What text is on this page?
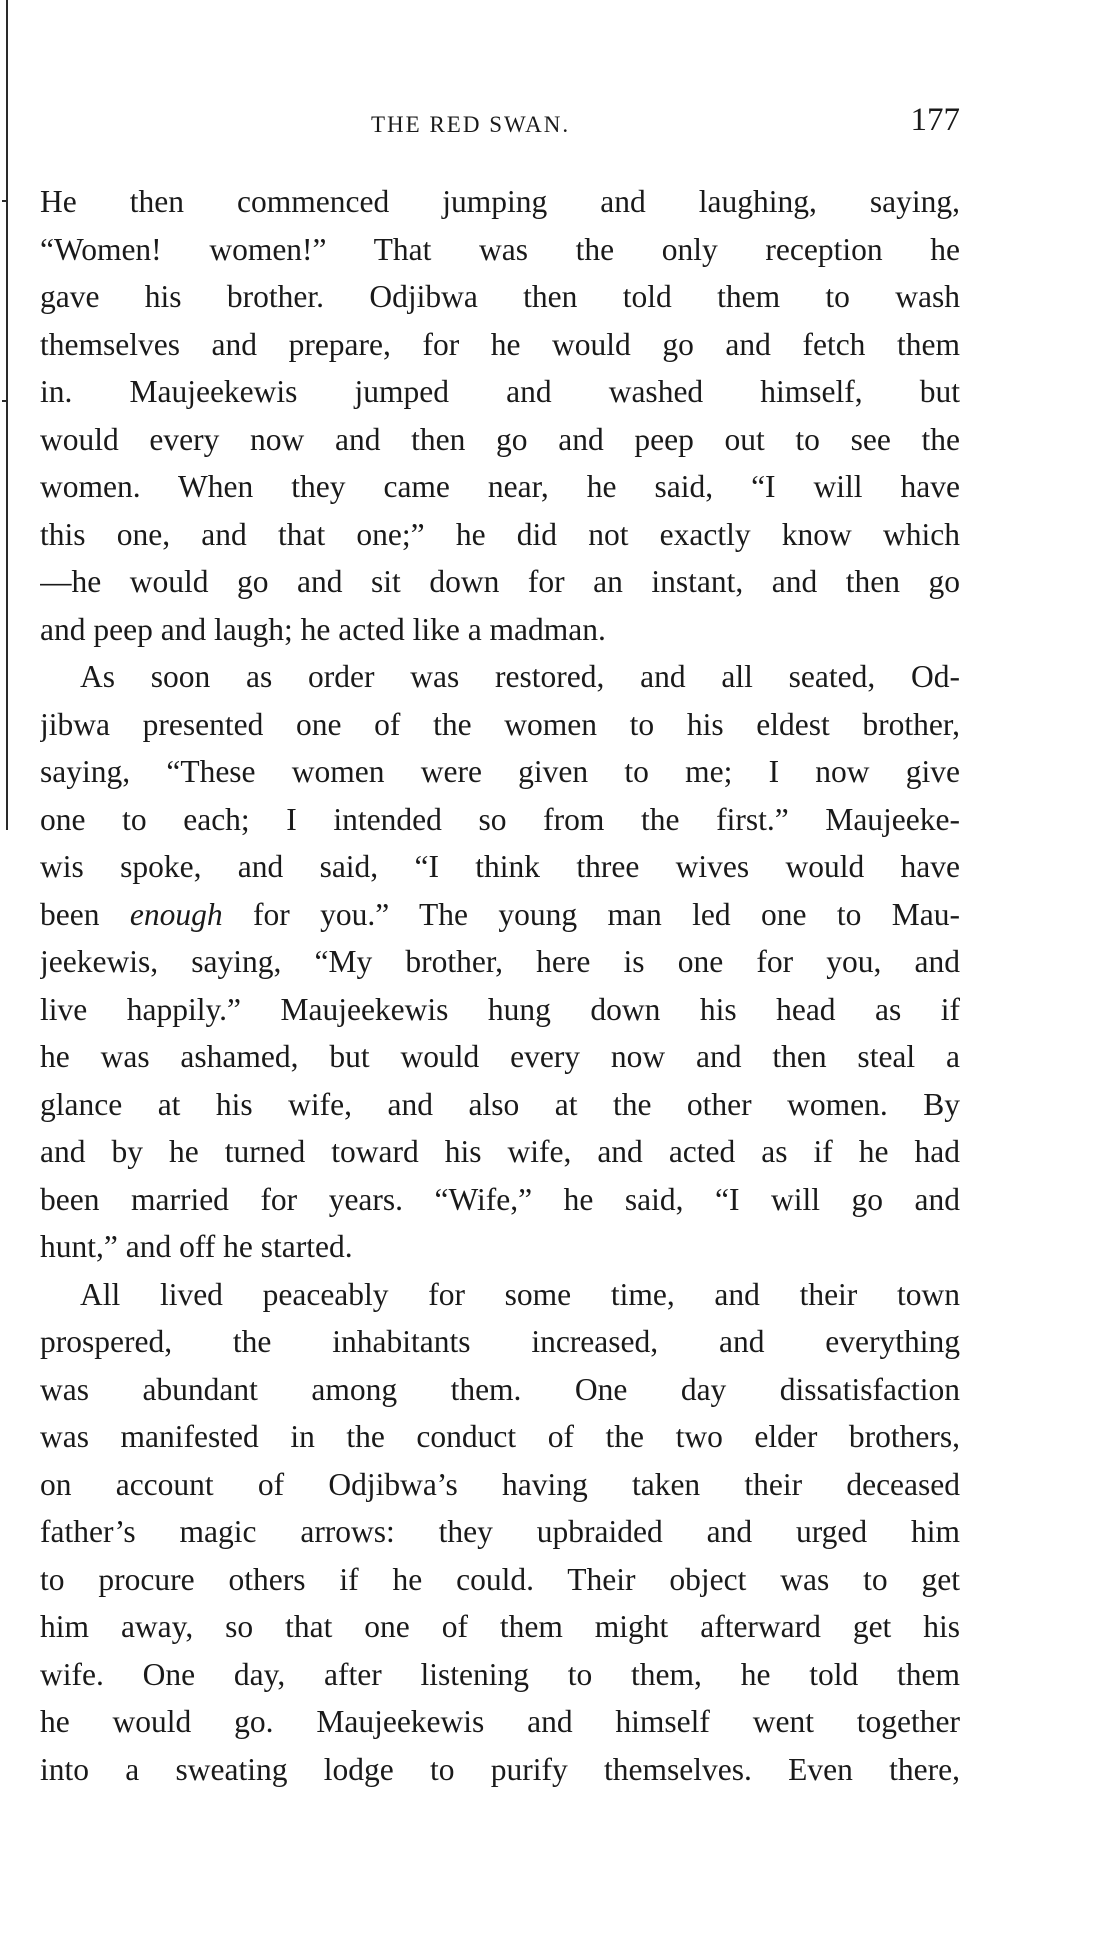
THE RED SWAN.	177
He then commenced jumping and laughing, saying,
“Women! women!” That was the only reception he
gave his brother. Odjibwa then told them to wash
themselves and prepare, for he would go and fetch them
in. Maujeekewis jumped and washed himself, but
would every now and then go and peep out to see the
women. When they came near, he said, “I will have
this one, and that one;” he did not exactly know which
—he would go and sit down for an instant, and then go
and peep and laugh; he acted like a madman.
As soon as order was restored, and all seated, Od-
jibwa presented one of the women to his eldest brother,
saying, “These women were given to me; I now give
one to each; I intended so from the first.” Maujeeke-
wis spoke, and said, “I think three wives would have
been enough for you.” The young man led one to Mau-
jeekewis, saying, “My brother, here is one for you, and
live happily.” Maujeekewis hung down his head as if
he was ashamed, but would every now and then steal a
glance at his wife, and also at the other women. By
and by he turned toward his wife, and acted as if he had
been married for years. “Wife,” he said, “I will go and
hunt,” and off he started.
All lived peaceably for some time, and their town
prospered, the inhabitants increased, and everything
was abundant among them. One day dissatisfaction
was manifested in the conduct of the two elder brothers,
on account of Odjibwa’s having taken their deceased
father’s magic arrows: they upbraided and urged him
to procure others if he could. Their object was to get
him away, so that one of them might afterward get his
wife. One day, after listening to them, he told them
he would go. Maujeekewis and himself went together
into a sweating lodge to purify themselves. Even there,
